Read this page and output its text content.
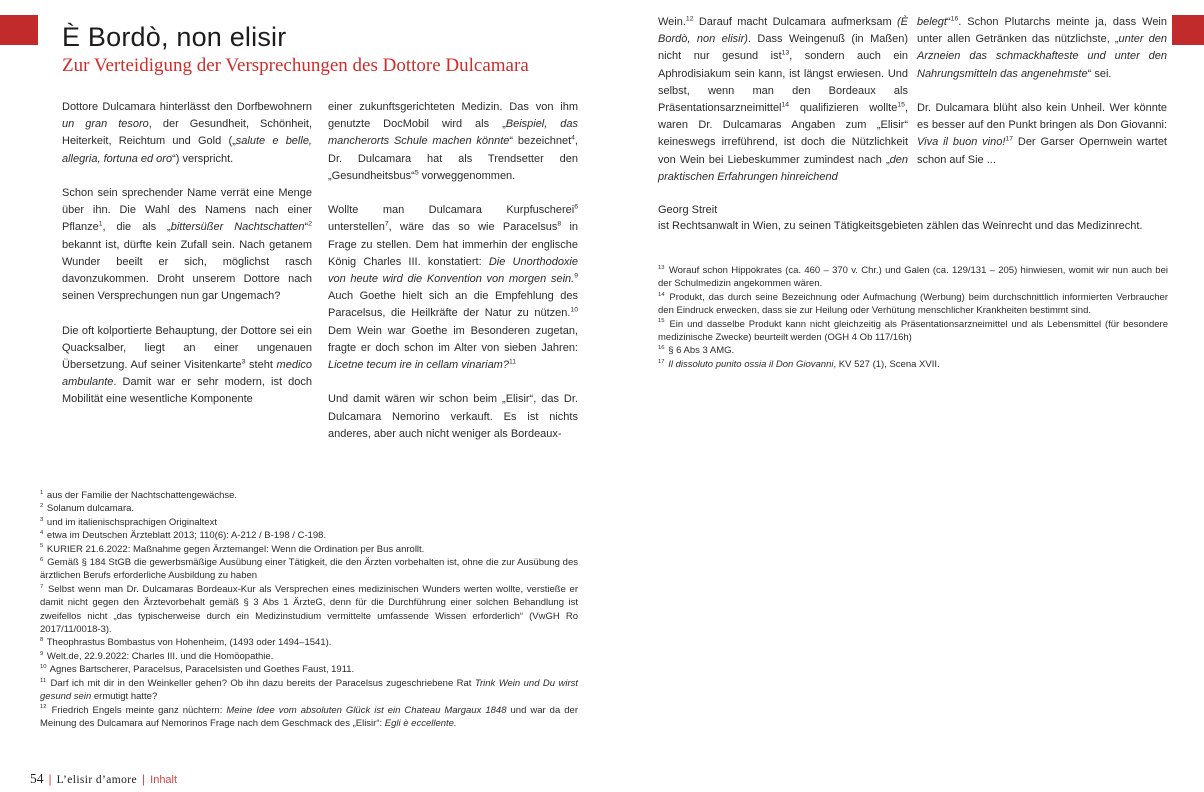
È Bordò, non elisir
Zur Verteidigung der Versprechungen des Dottore Dulcamara

Dottore Dulcamara hinterlässt den Dorfbewohnern un gran tesoro, der Gesundheit, Schönheit, Heiterkeit, Reichtum und Gold („salute e belle, allegria, fortuna ed oro“) verspricht.

Schon sein sprechender Name verrät eine Menge über ihn. Die Wahl des Namens nach einer Pflanze$^1$, die als „bittersüßer Nachtschatten“$^2$ bekannt ist, dürfte kein Zufall sein. Nach getanem Wunder beeilt er sich, möglichst rasch davonzukommen. Droht unserem Dottore nach seinen Versprechungen nun gar Ungemach?

Die oft kolportierte Behauptung, der Dottore sei ein Quacksalber, liegt an einer ungenauen Übersetzung. Auf seiner Visitenkarte$^3$ steht medico ambulante. Damit war er sehr modern, ist doch Mobilität eine wesentliche Komponente

einer zukunftsgerichteten Medizin. Das von ihm genutzte DocMobil wird als „Beispiel, das mancherorts Schule machen könnte“ bezeichnet$^4$, Dr. Dulcamara hat als Trendsetter den „Gesundheitsbus“$^5$ vorweggenommen.

Wollte man Dulcamara Kurpfuscherei$^6$ unterstellen$^7$, wäre das so wie Paracelsus$^8$ in Frage zu stellen. Dem hat immerhin der englische König Charles III. konstatiert: Die Unorthodoxie von heute wird die Konvention von morgen sein.$^9$ Auch Goethe hielt sich an die Empfehlung des Paracelsus, die Heilkräfte der Natur zu nützen.$^{10}$ Dem Wein war Goethe im Besonderen zugetan, fragte er doch schon im Alter von sieben Jahren: Licetne tecum ire in cellam vinariam?$^{11}$

Und damit wären wir schon beim „Elisir“, das Dr. Dulcamara Nemorino verkauft. Es ist nichts anderes, aber auch nicht weniger als Bordeaux-

Wein.$^{12}$ Darauf macht Dulcamara aufmerksam (È Bordò, non elisir). Dass Weingenuß (in Maßen) nicht nur gesund ist$^{13}$, sondern auch ein Aphrodisiakum sein kann, ist längst erwiesen. Und selbst, wenn man den Bordeaux als Präsentationsarzneimittel$^{14}$ qualifizieren wollte$^{15}$, waren Dr. Dulcamaras Angaben zum „Elisir“ keineswegs irreführend, ist doch die Nützlichkeit von Wein bei Liebeskummer zumindest nach „den praktischen Erfahrungen hinreichend

belegt“$^{16}$. Schon Plutarchs meinte ja, dass Wein unter allen Getränken das nützlichste, „unter den Arzneien das schmackhafteste und unter den Nahrungsmitteln das angenehmste“ sei.

Dr. Dulcamara blüht also kein Unheil. Wer könnte es besser auf den Punkt bringen als Don Giovanni: Viva il buon vino!$^{17}$ Der Garser Opernwein wartet schon auf Sie ...

Georg Streit
ist Rechtsanwalt in Wien, zu seinen Tätigkeitsgebieten zählen das Weinrecht und das Medizinrecht.
$^{13}$ Worauf schon Hippokrates (ca. 460 – 370 v. Chr.) und Galen (ca. 129/131 – 205) hinwiesen, womit wir nun auch bei der Schulmedizin angekommen wären.
$^{14}$ Produkt, das durch seine Bezeichnung oder Aufmachung (Werbung) beim durchschnittlich informierten Verbraucher den Eindruck erwecken, dass sie zur Heilung oder Verhütung menschlicher Krankheiten bestimmt sind.
$^{15}$ Ein und dasselbe Produkt kann nicht gleichzeitig als Präsentationsarzneimittel und als Lebensmittel (für besondere medizinische Zwecke) beurteilt werden (OGH 4 Ob 117/16h)
$^{16}$ § 6 Abs 3 AMG.
$^{17}$ Il dissoluto punito ossia il Don Giovanni, KV 527 (1), Scena XVII.
$^1$ aus der Familie der Nachtschattengewächse.
$^2$ Solanum dulcamara.
$^3$ und im italienischsprachigen Originaltext
$^4$ etwa im Deutschen Ärzteblatt 2013; 110(6): A-212 / B-198 / C-198.
$^5$ KURIER 21.6.2022: Maßnahme gegen Ärztemangel: Wenn die Ordination per Bus anrollt.
$^6$ Gemäß § 184 StGB die gewerbsmäßige Ausübung einer Tätigkeit, die den Ärzten vorbehalten ist, ohne die zur Ausübung des ärztlichen Berufs erforderliche Ausbildung zu haben
$^7$ Selbst wenn man Dr. Dulcamaras Bordeaux-Kur als Versprechen eines medizinischen Wunders werten wollte, verstieße er damit nicht gegen den Ärztevorbehalt gemäß § 3 Abs 1 ÄrzteG, denn für die Durchführung einer solchen Behandlung ist zweifellos nicht „das typischerweise durch ein Medizinstudium vermittelte umfassende Wissen erforderlich“ (VwGH Ro 2017/11/0018-3).
$^8$ Theophrastus Bombastus von Hohenheim, (1493 oder 1494–1541).
$^9$ Welt.de, 22.9.2022: Charles III. und die Homöopathie.
$^{10}$ Agnes Bartscherer, Paracelsus, Paracelsisten und Goethes Faust, 1911.
$^{11}$ Darf ich mit dir in den Weinkeller gehen? Ob ihn dazu bereits der Paracelsus zugeschriebene Rat Trink Wein und Du wirst gesund sein ermutigt hatte?
$^{12}$ Friedrich Engels meinte ganz nüchtern: Meine Idee vom absoluten Glück ist ein Chateau Margaux 1848 und war da der Meinung des Dulcamara auf Nemorinos Frage nach dem Geschmack des „Elisir“: Egli è eccellente.
54 | L’elisir d’amore | Inhalt
